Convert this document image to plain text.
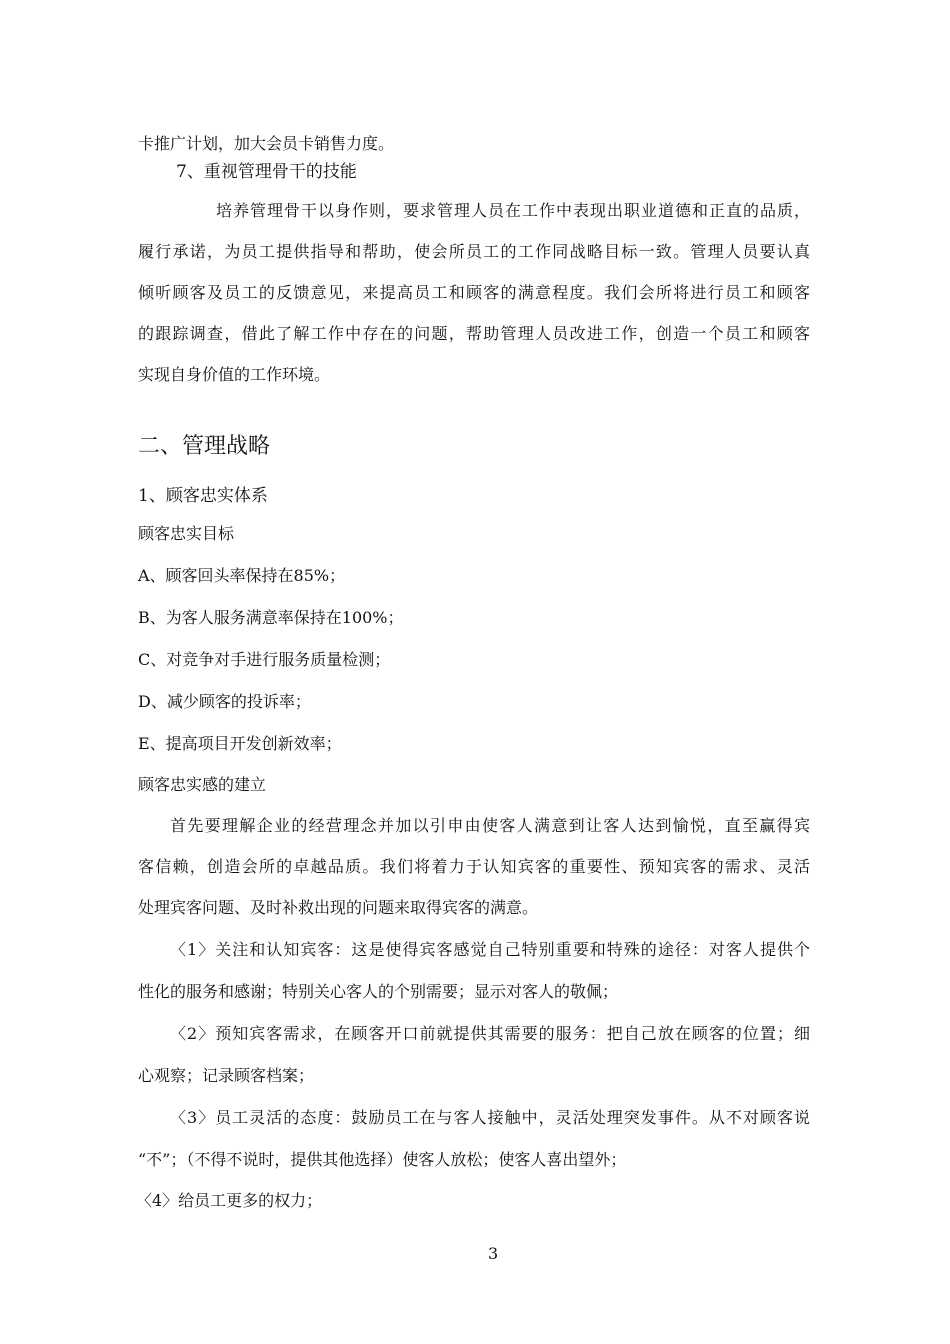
卡推广计划，加大会员卡销售力度。

7、重视管理骨干的技能

培养管理骨干以身作则，要求管理人员在工作中表现出职业道德和正直的品质，

履行承诺，为员工提供指导和帮助，使会所员工的工作同战略目标一致。管理人员要认真

倾听顾客及员工的反馈意见，来提高员工和顾客的满意程度。我们会所将进行员工和顾客

的跟踪调查，借此了解工作中存在的问题，帮助管理人员改进工作，创造一个员工和顾客

实现自身价值的工作环境。

二、管理战略

1、顾客忠实体系

顾客忠实目标

A、顾客回头率保持在85%；

B、为客人服务满意率保持在100%；

C、对竞争对手进行服务质量检测；

D、减少顾客的投诉率；

E、提高项目开发创新效率；

顾客忠实感的建立

首先要理解企业的经营理念并加以引申由使客人满意到让客人达到愉悦，直至赢得宾

客信赖，创造会所的卓越品质。我们将着力于认知宾客的重要性、预知宾客的需求、灵活

处理宾客问题、及时补救出现的问题来取得宾客的满意。

〈1〉关注和认知宾客：这是使得宾客感觉自己特别重要和特殊的途径：对客人提供个

性化的服务和感谢；特别关心客人的个别需要；显示对客人的敬佩；

〈2〉预知宾客需求，在顾客开口前就提供其需要的服务：把自己放在顾客的位置；细

心观察；记录顾客档案；

〈3〉员工灵活的态度：鼓励员工在与客人接触中，灵活处理突发事件。从不对顾客说

“不”；（不得不说时，提供其他选择）使客人放松；使客人喜出望外；

〈4〉给员工更多的权力；

3
